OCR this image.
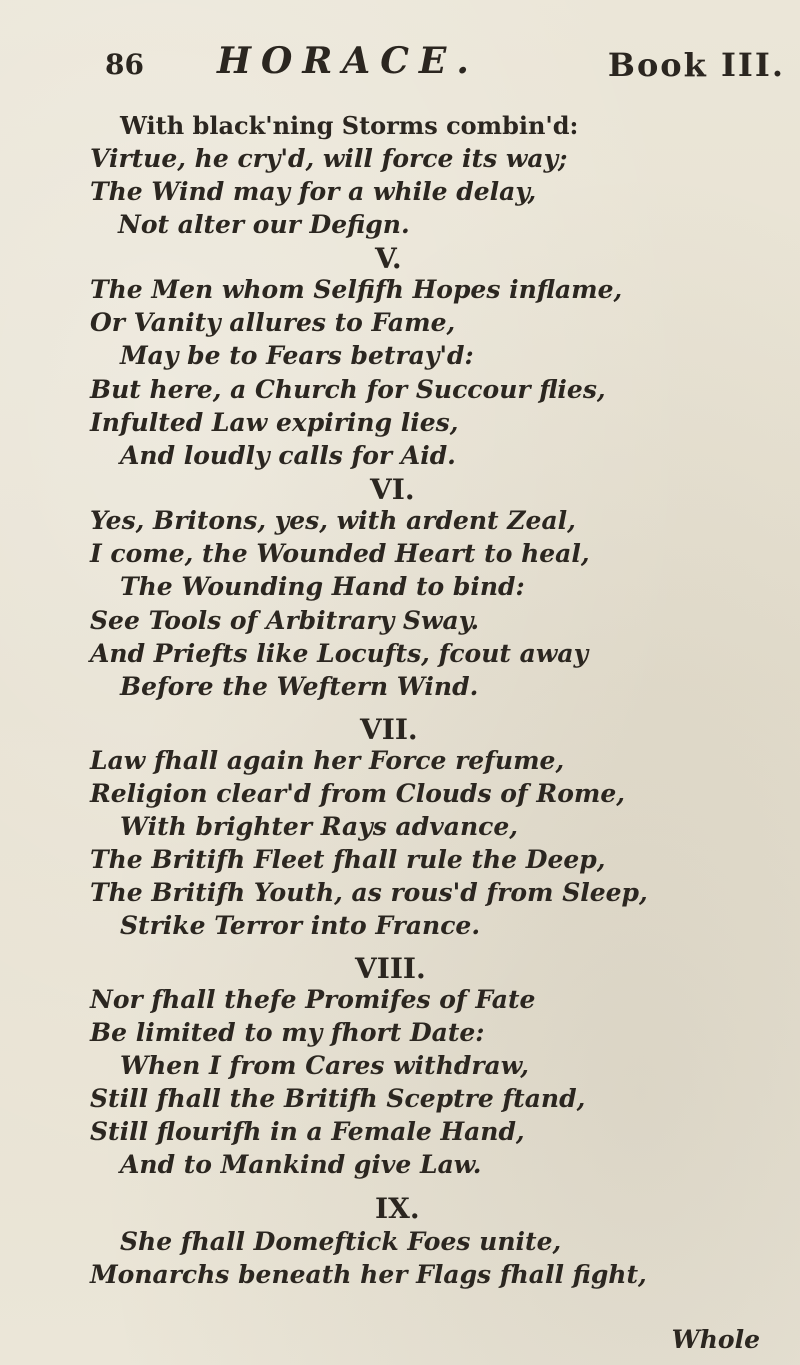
86 HORACE.	Book III.
With black'ning Storms combin'd:
Virtue, he cry'd, will force its way;
The Wind may for a while delay,
Not alter our Defign.
V.
The Men whom Selfifh Hopes inflame,
Or Vanity allures to Fame,
May be to Fears betray'd:
But here, a Church for Succour flies,
Infulted Law expiring lies,
And loudly calls for Aid.
VI.
Yes, Britons, yes, with ardent Zeal,
I come, the Wounded Heart to heal,
The Wounding Hand to bind:
See Tools of Arbitrary Sway.
And Priefts like Locufts, fcout away
Before the Weftern Wind.
VII.
Law fhall again her Force refume,
Religion clear'd from Clouds of Rome,
With brighter Rays advance,
The Britifh Fleet fhall rule the Deep,
The Britifh Youth, as rous'd from Sleep,
Strike Terror into France.
VIII.
Nor fhall thefe Promifes of Fate
Be limited to my fhort Date:
When I from Cares withdraw,
Still fhall the Britifh Sceptre ftand,
Still flourifh in a Female Hand,
And to Mankind give Law.
IX.
She fhall Domeftick Foes unite,
Monarchs beneath her Flags fhall fight,
Whole
